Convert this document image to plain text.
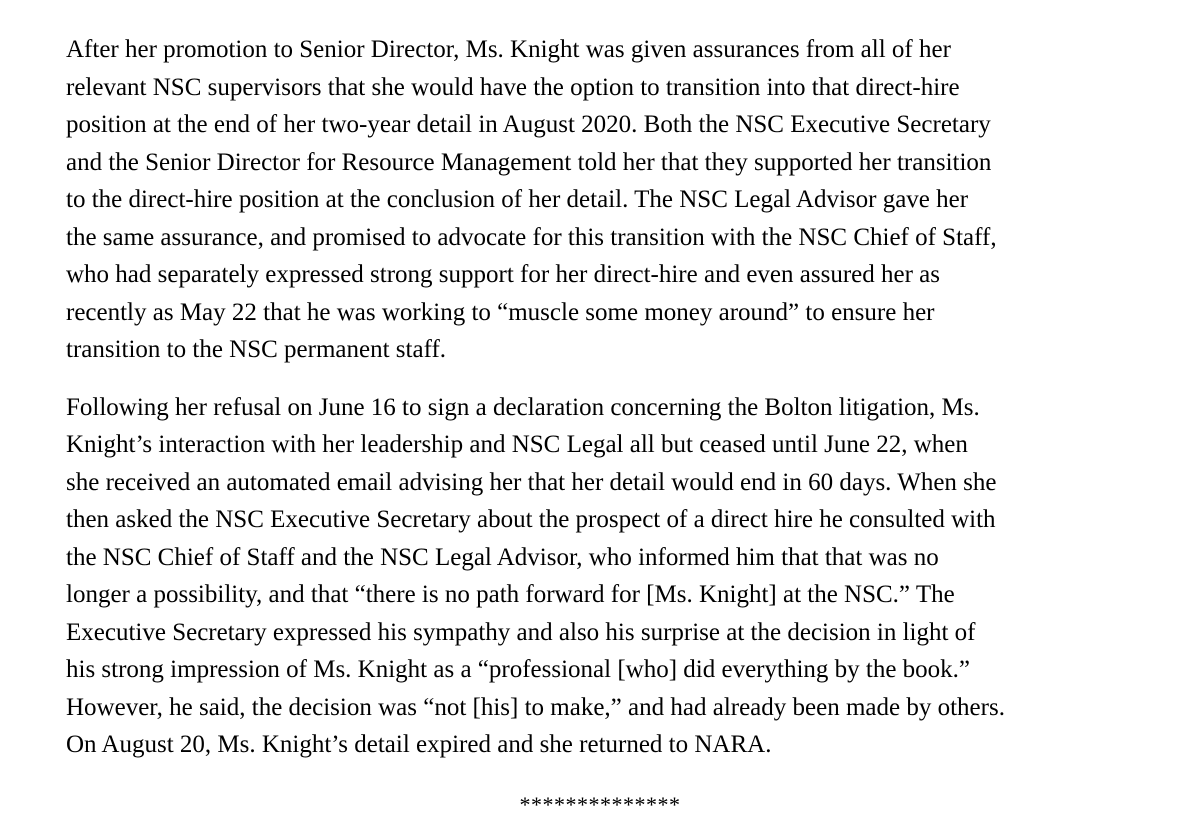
After her promotion to Senior Director, Ms. Knight was given assurances from all of her
relevant NSC supervisors that she would have the option to transition into that direct-hire
position at the end of her two-year detail in August 2020. Both the NSC Executive Secretary
and the Senior Director for Resource Management told her that they supported her transition
to the direct-hire position at the conclusion of her detail. The NSC Legal Advisor gave her
the same assurance, and promised to advocate for this transition with the NSC Chief of Staff,
who had separately expressed strong support for her direct-hire and even assured her as
recently as May 22 that he was working to “muscle some money around” to ensure her
transition to the NSC permanent staff.
Following her refusal on June 16 to sign a declaration concerning the Bolton litigation, Ms.
Knight’s interaction with her leadership and NSC Legal all but ceased until June 22, when
she received an automated email advising her that her detail would end in 60 days. When she
then asked the NSC Executive Secretary about the prospect of a direct hire he consulted with
the NSC Chief of Staff and the NSC Legal Advisor, who informed him that that was no
longer a possibility, and that “there is no path forward for [Ms. Knight] at the NSC.” The
Executive Secretary expressed his sympathy and also his surprise at the decision in light of
his strong impression of Ms. Knight as a “professional [who] did everything by the book.”
However, he said, the decision was “not [his] to make,” and had already been made by others.
On August 20, Ms. Knight’s detail expired and she returned to NARA.
**************
